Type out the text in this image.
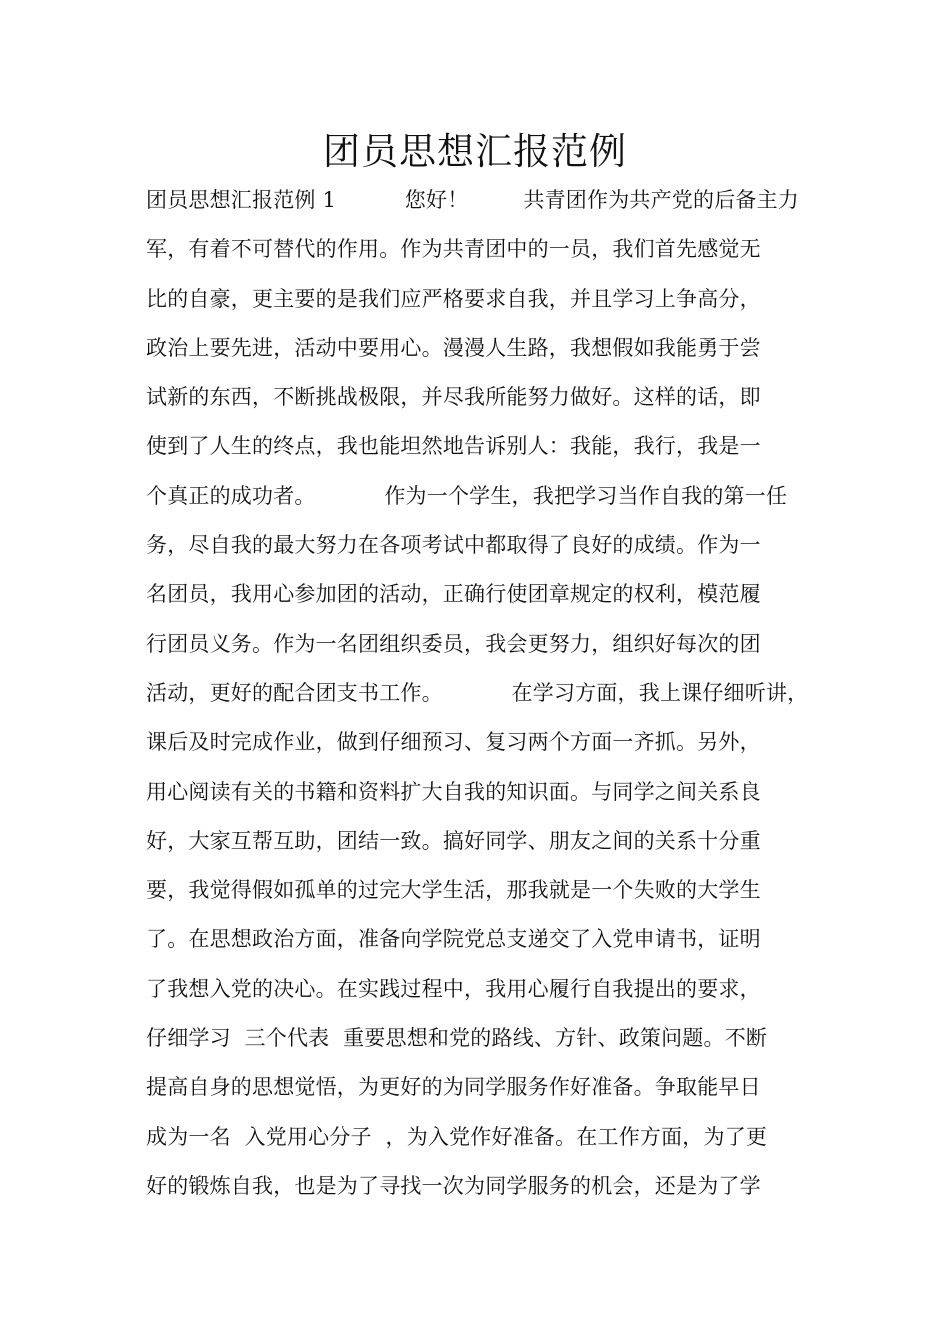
团员思想汇报范例
团员思想汇报范例 1          您好！        共青团作为共产党的后备主力
军，有着不可替代的作用。作为共青团中的一员，我们首先感觉无
比的自豪，更主要的是我们应严格要求自我，并且学习上争高分，
政治上要先进，活动中要用心。漫漫人生路，我想假如我能勇于尝
试新的东西，不断挑战极限，并尽我所能努力做好。这样的话，即
使到了人生的终点，我也能坦然地告诉别人：我能，我行，我是一
个真正的成功者。          作为一个学生，我把学习当作自我的第一任
务，尽自我的最大努力在各项考试中都取得了良好的成绩。作为一
名团员，我用心参加团的活动，正确行使团章规定的权利，模范履
行团员义务。作为一名团组织委员，我会更努力，组织好每次的团
活动，更好的配合团支书工作。          在学习方面，我上课仔细听讲，
课后及时完成作业，做到仔细预习、复习两个方面一齐抓。另外，
用心阅读有关的书籍和资料扩大自我的知识面。与同学之间关系良
好，大家互帮互助，团结一致。搞好同学、朋友之间的关系十分重
要，我觉得假如孤单的过完大学生活，那我就是一个失败的大学生
了。在思想政治方面，准备向学院党总支递交了入党申请书，证明
了我想入党的决心。在实践过程中，我用心履行自我提出的要求，
仔细学习  三个代表  重要思想和党的路线、方针、政策问题。不断
提高自身的思想觉悟，为更好的为同学服务作好准备。争取能早日
成为一名  入党用心分子  ，为入党作好准备。在工作方面，为了更
好的锻炼自我，也是为了寻找一次为同学服务的机会，还是为了学
